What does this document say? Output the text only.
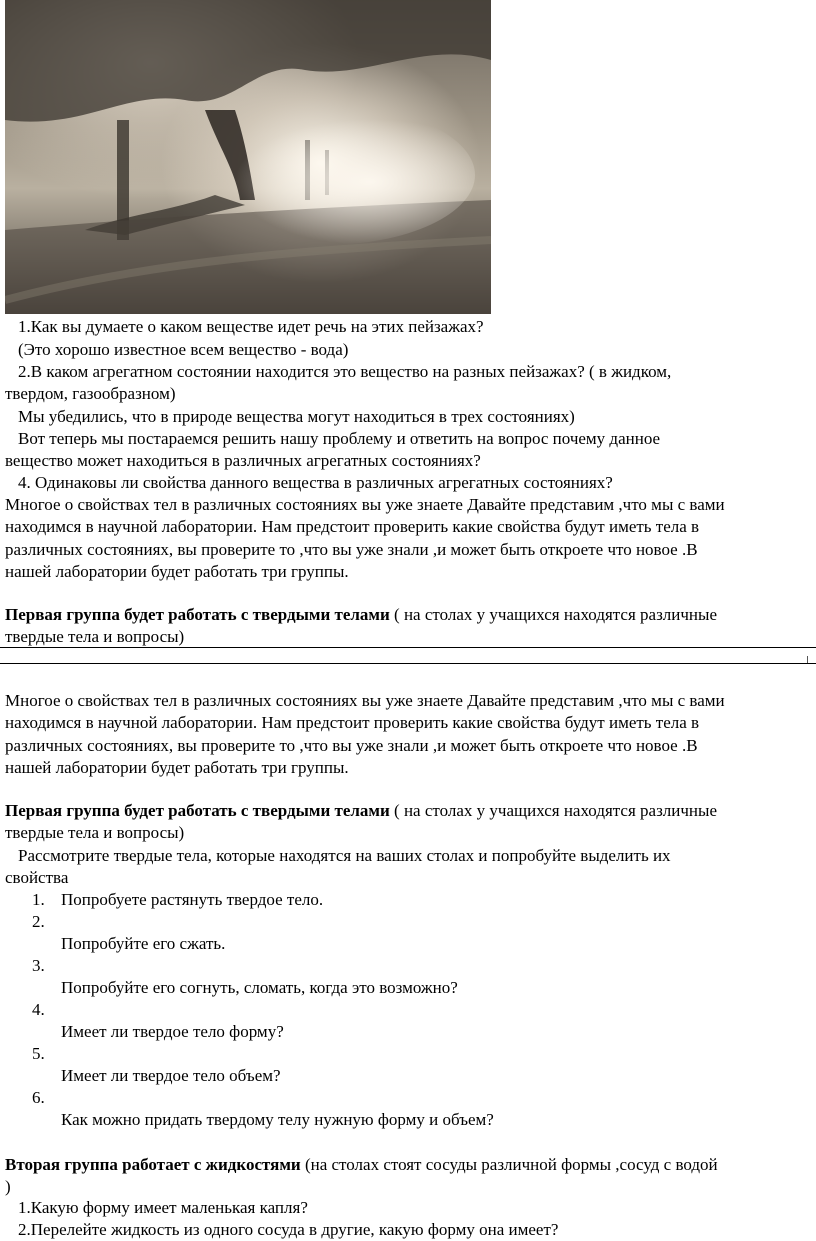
1.Как вы думаете о каком веществе идет речь на этих пейзажах?
(Это хорошо известное всем вещество - вода)
2.В каком агрегатном состоянии находится это вещество на разных пейзажах? ( в жидком,
твердом, газообразном)
Мы убедились, что в природе вещества могут находиться в трех состояниях)
Вот теперь мы постараемся решить нашу проблему и ответить на вопрос почему данное
вещество может находиться в различных агрегатных состояниях?
4. Одинаковы ли свойства данного вещества в различных агрегатных состояниях?
Многое о свойствах тел в различных состояниях вы уже знаете Давайте представим ,что мы с вами
находимся в научной лаборатории. Нам предстоит проверить какие свойства будут иметь тела в
различных состояниях, вы проверите то ,что вы уже знали ,и может быть откроете что новое .В
нашей лаборатории будет работать три группы.
Первая группа будет работать с твердыми телами ( на столах у учащихся находятся различные
твердые тела и вопросы)
Многое о свойствах тел в различных состояниях вы уже знаете Давайте представим ,что мы с вами
находимся в научной лаборатории. Нам предстоит проверить какие свойства будут иметь тела в
различных состояниях, вы проверите то ,что вы уже знали ,и может быть откроете что новое .В
нашей лаборатории будет работать три группы.
Первая группа будет работать с твердыми телами ( на столах у учащихся находятся различные
твердые тела и вопросы)
Рассмотрите твердые тела, которые находятся на ваших столах и попробуйте выделить их
свойства
1. Попробуете растянуть твердое тело.
2.
Попробуйте его сжать.
3.
Попробуйте его согнуть, сломать, когда это возможно?
4.
Имеет ли твердое тело форму?
5.
Имеет ли твердое тело объем?
6.
Как можно придать твердому телу нужную форму и объем?
Вторая группа работает с жидкостями (на столах стоят сосуды различной формы ,сосуд с водой
)
1.Какую форму имеет маленькая капля?
2.Перелейте жидкость из одного сосуда в другие, какую форму она имеет?
